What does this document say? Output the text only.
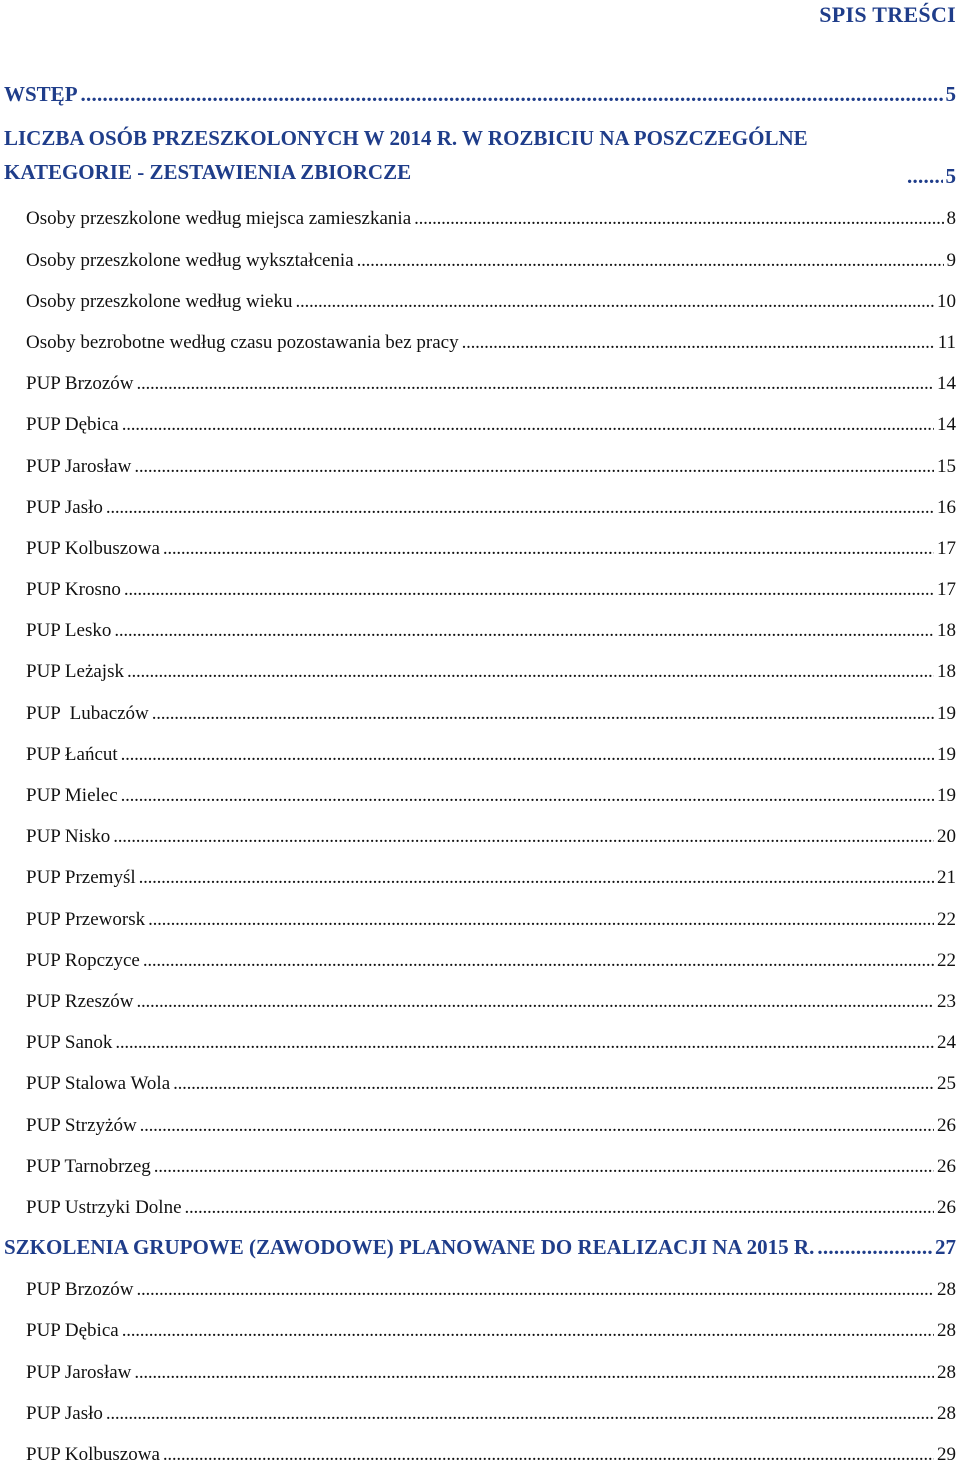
SPIS TREŚCI
WSTĘP . . .	5
LICZBA OSÓB PRZESZKOLONYCH W 2014 R. W ROZBICIU NA POSZCZEGÓLNE KATEGORIE - ZESTAWIENIA ZBIORCZE . . .	5
Osoby przeszkolone według miejsca zamieszkania . . .	8
Osoby przeszkolone według wykształcenia . . .	9
Osoby przeszkolone według wieku . . .	10
Osoby bezrobotne według czasu pozostawania bez pracy . . .	11
PUP Brzozów . . .	14
PUP Dębica . . .	14
PUP Jarosław . . .	15
PUP Jasło . . .	16
PUP Kolbuszowa . . .	17
PUP Krosno . . .	17
PUP Lesko . . .	18
PUP Leżajsk . . .	18
PUP  Lubaczów . . .	19
PUP Łańcut . . .	19
PUP Mielec . . .	19
PUP Nisko . . .	20
PUP Przemyśl . . .	21
PUP Przeworsk . . .	22
PUP Ropczyce . . .	22
PUP Rzeszów . . .	23
PUP Sanok . . .	24
PUP Stalowa Wola . . .	25
PUP Strzyżów . . .	26
PUP Tarnobrzeg . . .	26
PUP Ustrzyki Dolne . . .	26
SZKOLENIA GRUPOWE (ZAWODOWE) PLANOWANE DO REALIZACJI NA 2015 R. . . .	27
PUP Brzozów . . .	28
PUP Dębica . . .	28
PUP Jarosław . . .	28
PUP Jasło . . .	28
PUP Kolbuszowa . . .	29
